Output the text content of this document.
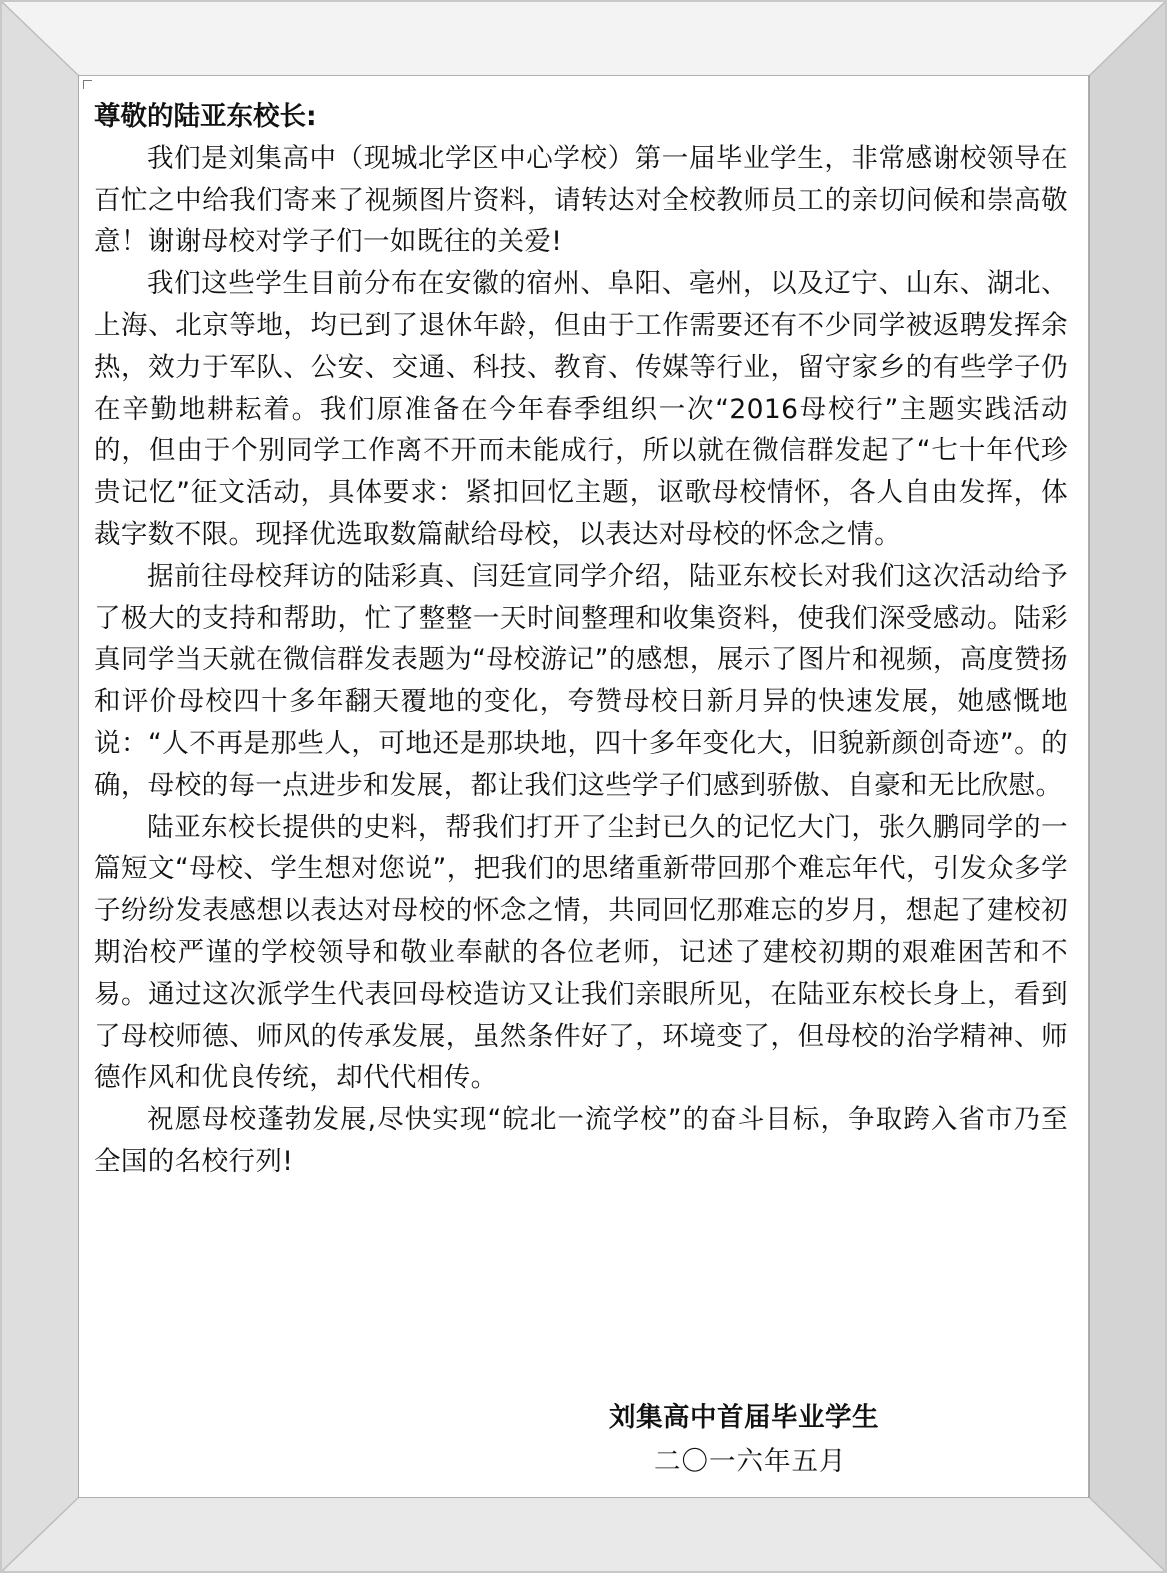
尊敬的陆亚东校长:

我们是刘集高中（现城北学区中心学校）第一届毕业学生，非常感谢校领导在百忙之中给我们寄来了视频图片资料，请转达对全校教师员工的亲切问候和崇高敬意！谢谢母校对学子们一如既往的关爱!

我们这些学生目前分布在安徽的宿州、阜阳、亳州，以及辽宁、山东、湖北、上海、北京等地，均已到了退休年龄，但由于工作需要还有不少同学被返聘发挥余热，效力于军队、公安、交通、科技、教育、传媒等行业，留守家乡的有些学子仍在辛勤地耕耘着。我们原准备在今年春季组织一次“2016母校行”主题实践活动的，但由于个别同学工作离不开而未能成行，所以就在微信群发起了“七十年代珍贵记忆”征文活动，具体要求：紧扣回忆主题，讴歌母校情怀，各人自由发挥，体裁字数不限。现择优选取数篇献给母校，以表达对母校的怀念之情。

据前往母校拜访的陆彩真、闫廷宣同学介绍，陆亚东校长对我们这次活动给予了极大的支持和帮助，忙了整整一天时间整理和收集资料，使我们深受感动。陆彩真同学当天就在微信群发表题为“母校游记”的感想，展示了图片和视频，高度赞扬和评价母校四十多年翻天覆地的变化，夸赞母校日新月异的快速发展，她感慨地说：“人不再是那些人，可地还是那块地，四十多年变化大，旧貌新颜创奇迹”。的确，母校的每一点进步和发展，都让我们这些学子们感到骄傲、自豪和无比欣慰。

陆亚东校长提供的史料，帮我们打开了尘封已久的记忆大门，张久鹏同学的一篇短文“母校、学生想对您说”，把我们的思绪重新带回那个难忘年代，引发众多学子纷纷发表感想以表达对母校的怀念之情，共同回忆那难忘的岁月，想起了建校初期治校严谨的学校领导和敬业奉献的各位老师，记述了建校初期的艰难困苦和不易。通过这次派学生代表回母校造访又让我们亲眼所见，在陆亚东校长身上，看到了母校师德、师风的传承发展，虽然条件好了，环境变了，但母校的治学精神、师德作风和优良传统，却代代相传。

祝愿母校蓬勃发展,尽快实现“皖北一流学校”的奋斗目标，争取跨入省市乃至全国的名校行列!

刘集高中首届毕业学生

二〇一六年五月
